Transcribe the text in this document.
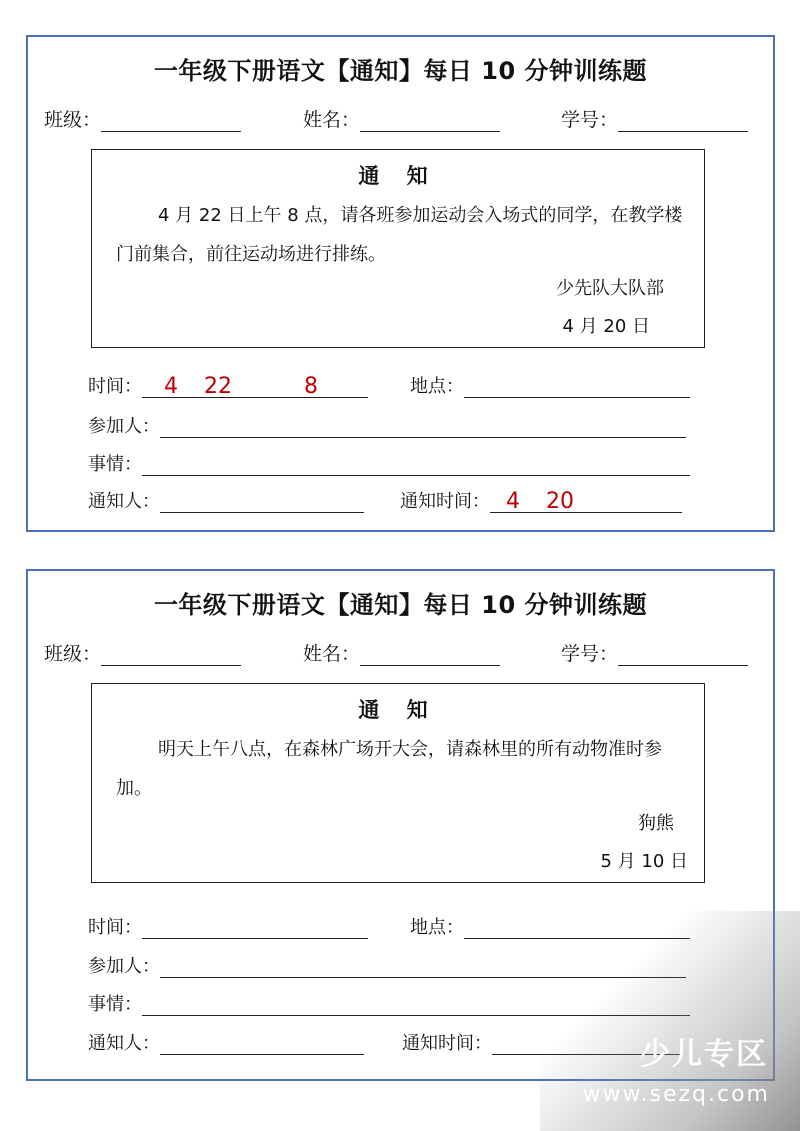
一年级下册语文【通知】每日 10 分钟训练题
班级：	姓名：	学号：
通 知
4 月 22 日上午 8 点，请各班参加运动会入场式的同学，在教学楼门前集合，前往运动场进行排练。
少先队大队部
4 月 20 日
时间： 4 22	8	地点：
参加人：
事情：
通知人：	通知时间： 4 20
一年级下册语文【通知】每日 10 分钟训练题
班级：	姓名：	学号：
通 知
明天上午八点，在森林广场开大会，请森林里的所有动物准时参加。
狗熊
5 月 10 日
时间：	地点：
参加人：
事情：
通知人：	通知时间：	少儿专区
www.sezq.com
